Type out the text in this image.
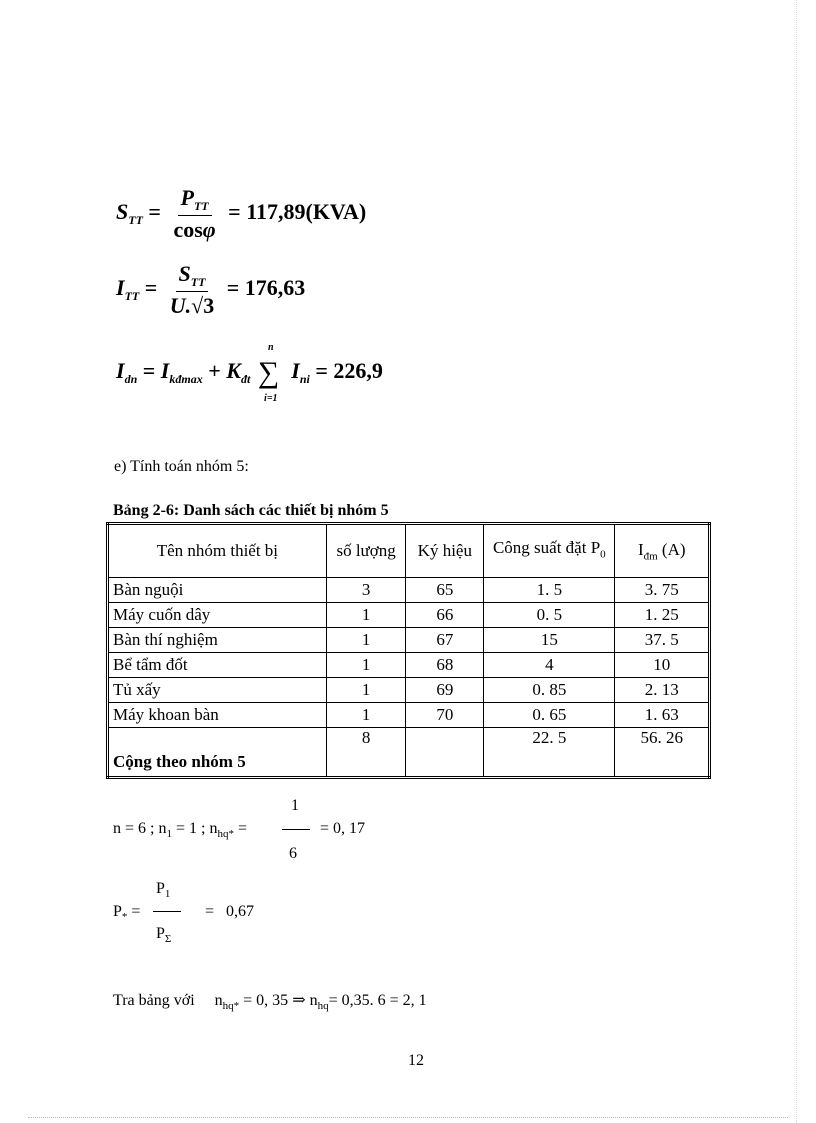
$S_{TT} = \frac{P_{TT}}{\cos\varphi} = 117,89(KVA)$
$I_{TT} = \frac{S_{TT}}{U.√3} = 176,63$
$I_{dn} = I_{kđmax} + K_{đt}$
n
∑
i=1
$I_{ni} = 226,9$
e) Tính toán nhóm 5:
Bảng 2-6: Danh sách các thiết bị nhóm 5
Tên nhóm thiết bị	số lượng	Ký hiệu	Công suất đặt $P_0$	$I_{đm}$ (A)
Bàn nguội	3	65	1. 5	3. 75
Máy cuốn dây	1	66	0. 5	1. 25
Bàn thí nghiệm	1	67	15	37. 5
Bể tẩm đốt	1	68	4	10
Tủ xấy	1	69	0. 85	2. 13
Máy khoan bàn	1	70	0. 65	1. 63
Cộng theo nhóm 5	8		22. 5	56. 26
n = 6 ; $n_1 = 1$ ; $n_{hq*}$ =
1
6
= 0, 17
$P_*$ =
$P_1$
$P_\Sigma$
=   0,67
Tra bảng với $n_{hq*} = 0$, 35 ⇒ $n_{hq}= 0,35$. 6 = 2, 1
12
